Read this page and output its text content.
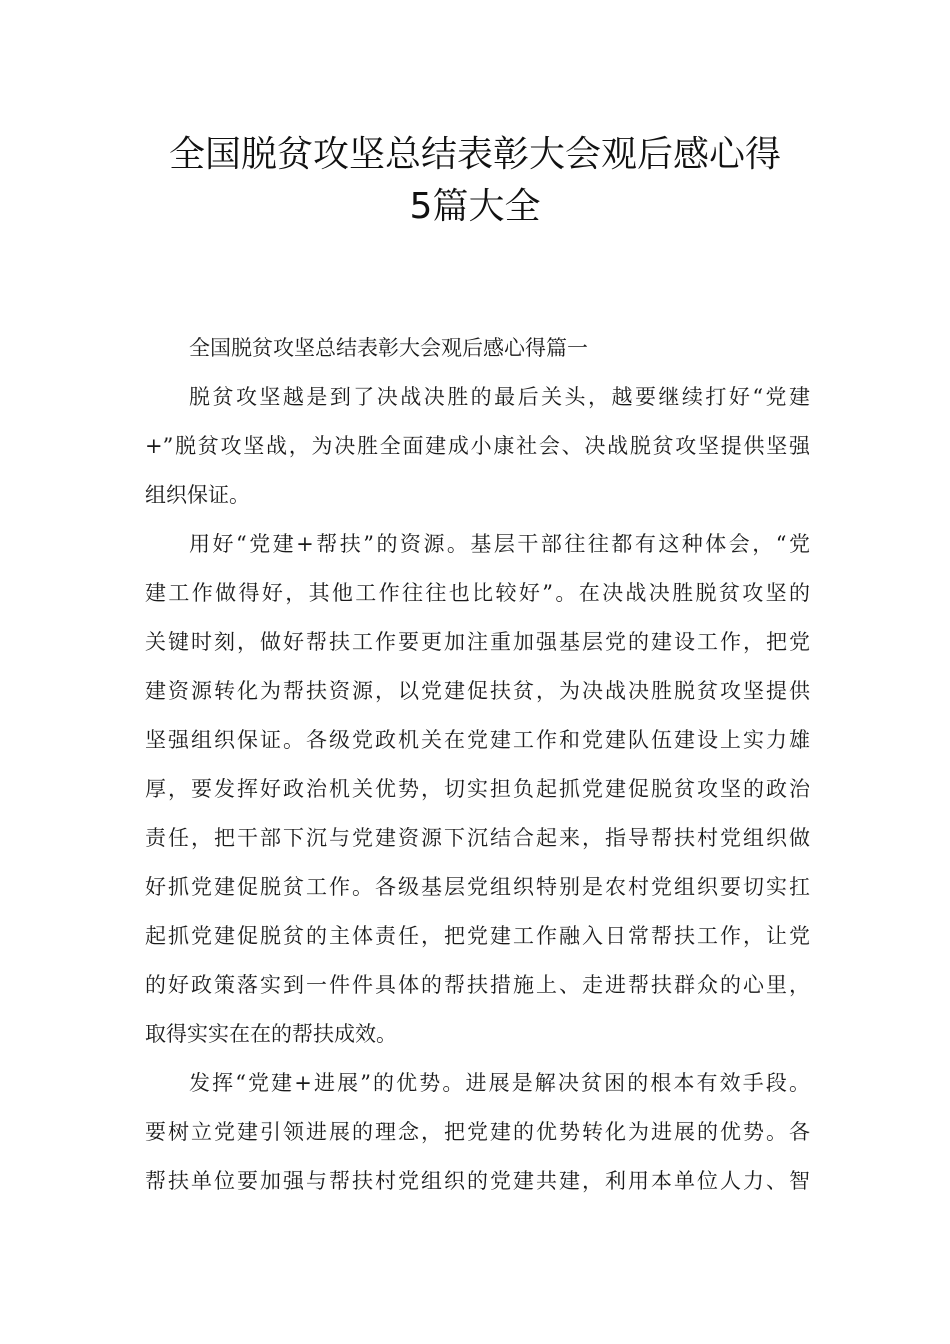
全国脱贫攻坚总结表彰大会观后感心得
5篇大全
全国脱贫攻坚总结表彰大会观后感心得篇一
脱贫攻坚越是到了决战决胜的最后关头，越要继续打好“党建
+”脱贫攻坚战，为决胜全面建成小康社会、决战脱贫攻坚提供坚强
组织保证。
用好“党建+帮扶”的资源。基层干部往往都有这种体会，“党
建工作做得好，其他工作往往也比较好”。在决战决胜脱贫攻坚的
关键时刻，做好帮扶工作要更加注重加强基层党的建设工作，把党
建资源转化为帮扶资源，以党建促扶贫，为决战决胜脱贫攻坚提供
坚强组织保证。各级党政机关在党建工作和党建队伍建设上实力雄
厚，要发挥好政治机关优势，切实担负起抓党建促脱贫攻坚的政治
责任，把干部下沉与党建资源下沉结合起来，指导帮扶村党组织做
好抓党建促脱贫工作。各级基层党组织特别是农村党组织要切实扛
起抓党建促脱贫的主体责任，把党建工作融入日常帮扶工作，让党
的好政策落实到一件件具体的帮扶措施上、走进帮扶群众的心里，
取得实实在在的帮扶成效。
发挥“党建+进展”的优势。进展是解决贫困的根本有效手段。
要树立党建引领进展的理念，把党建的优势转化为进展的优势。各
帮扶单位要加强与帮扶村党组织的党建共建，利用本单位人力、智
